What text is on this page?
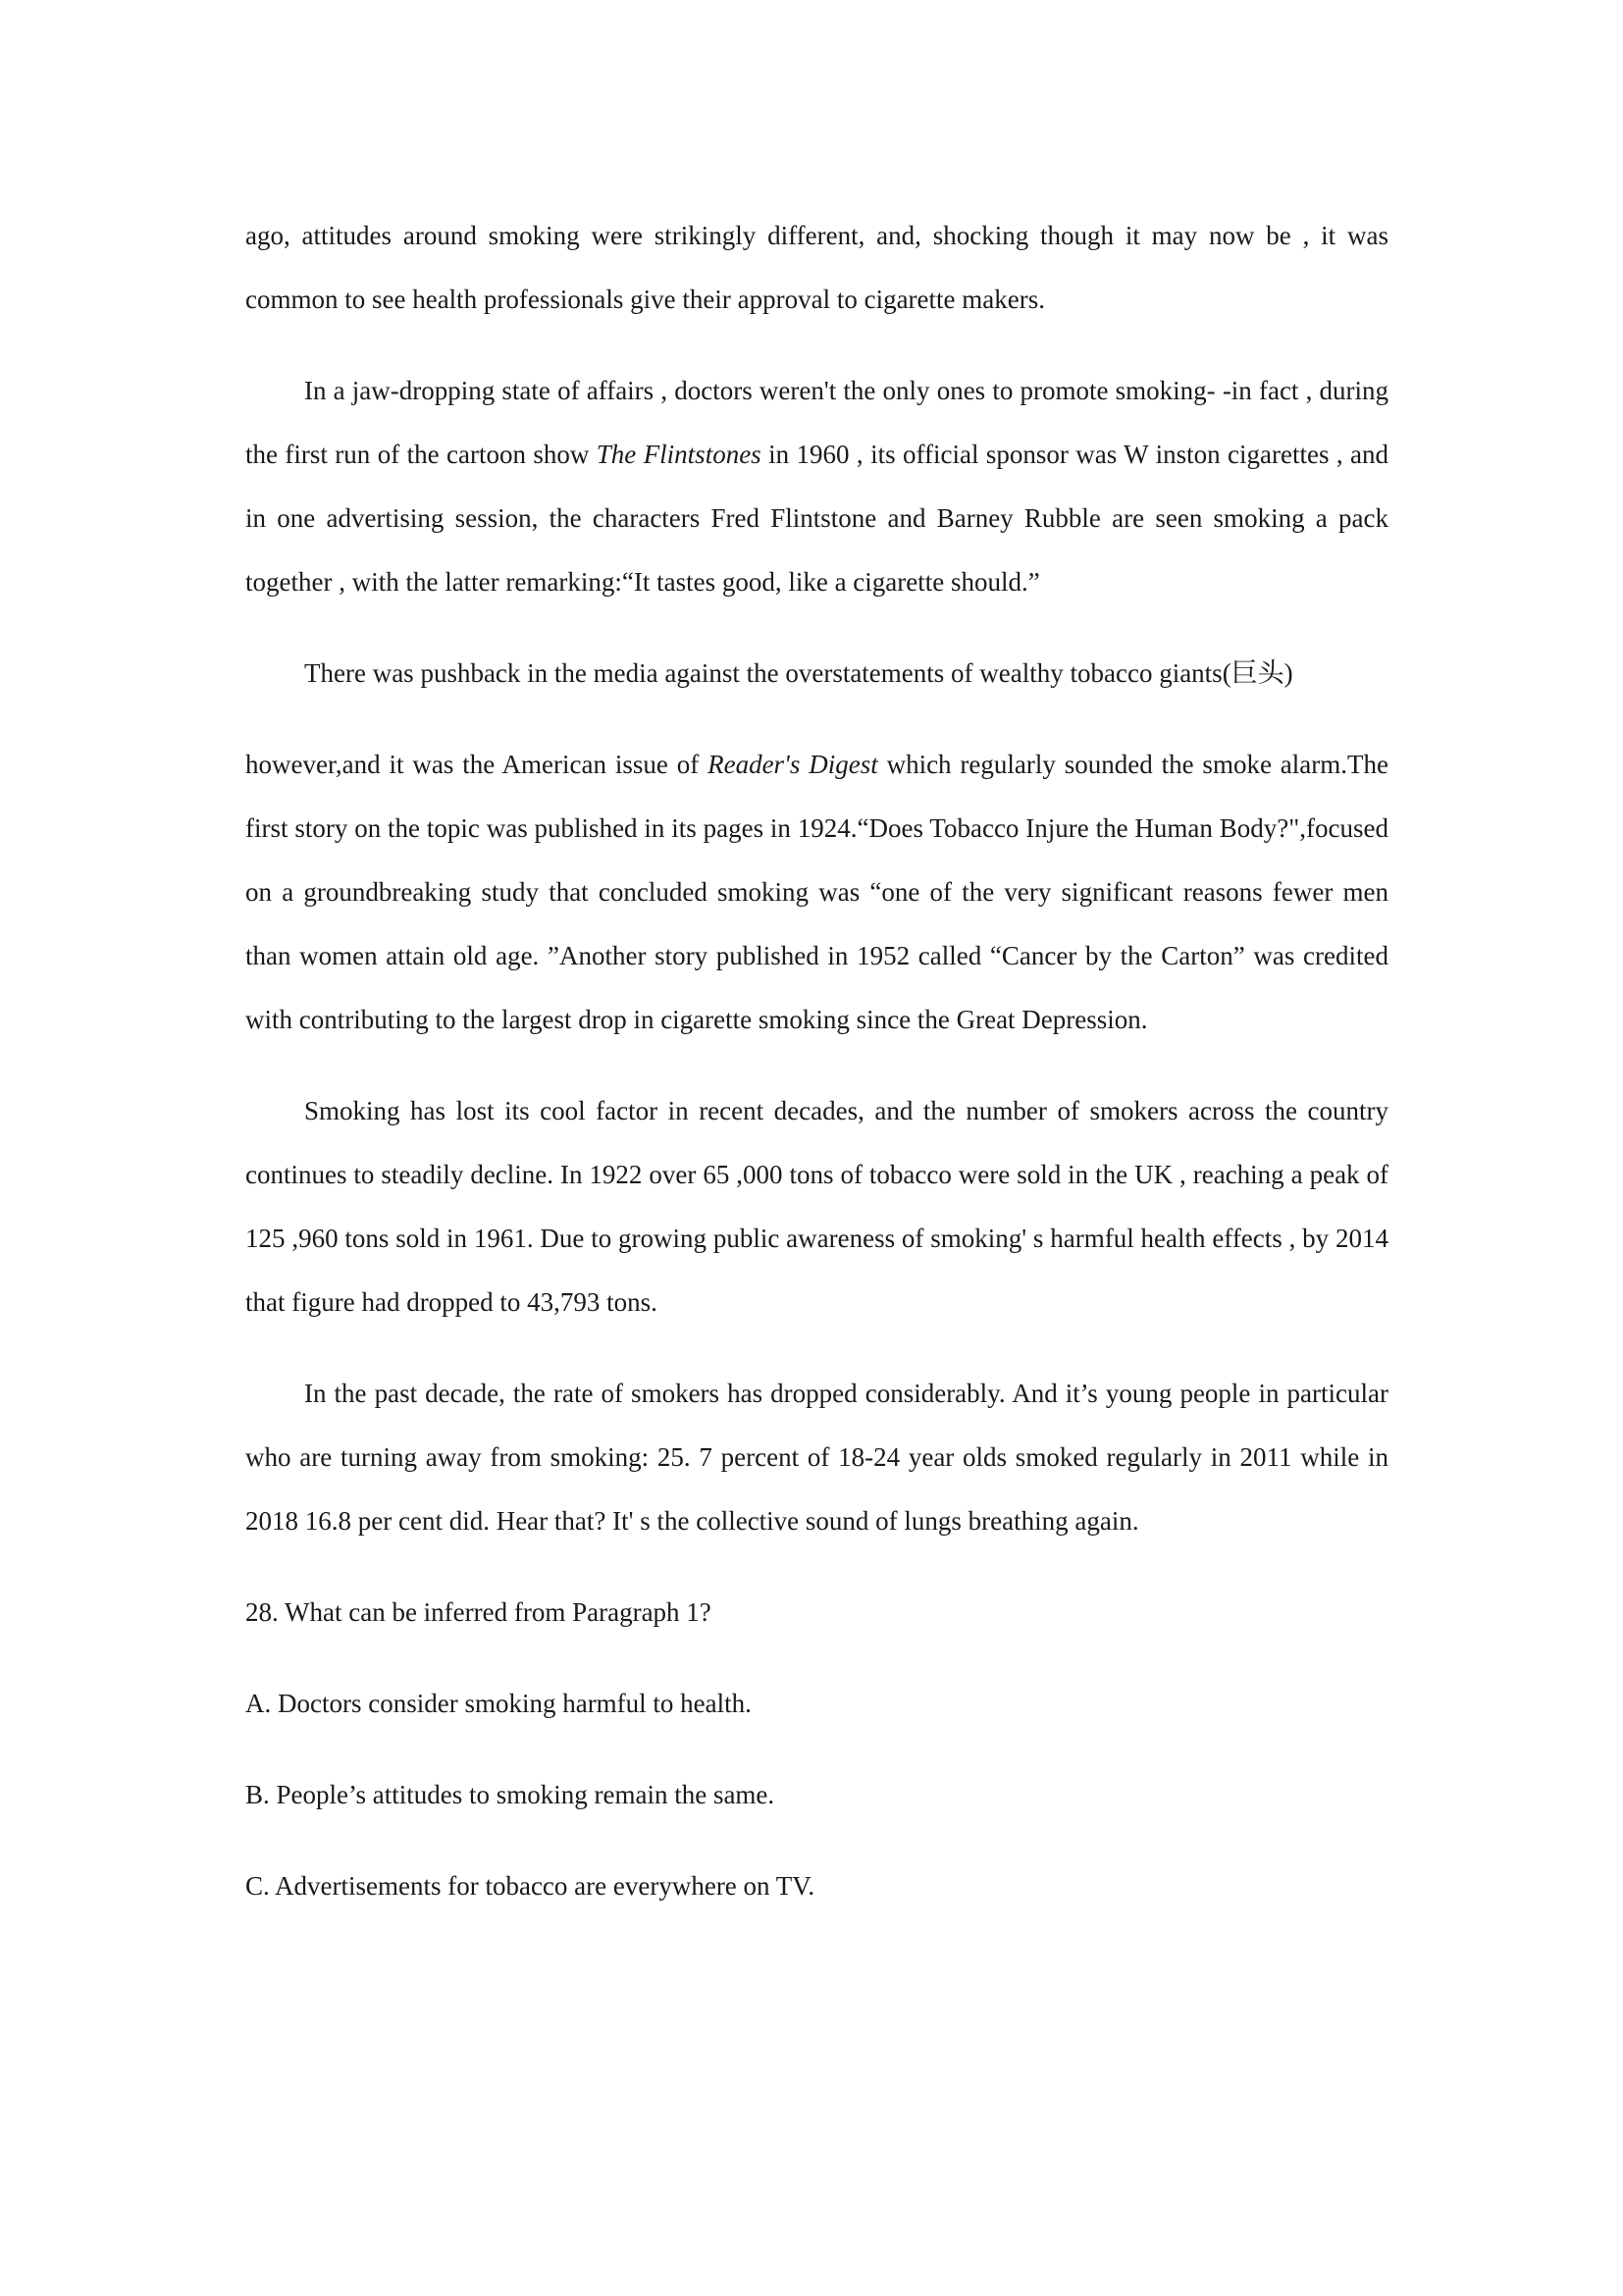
ago, attitudes around smoking were strikingly different, and, shocking though it may now be , it was common to see health professionals give their approval to cigarette makers.

In a jaw-dropping state of affairs , doctors weren't the only ones to promote smoking- -in fact , during the first run of the cartoon show The Flintstones in 1960 , its official sponsor was W inston cigarettes , and in one advertising session, the characters Fred Flintstone and Barney Rubble are seen smoking a pack together , with the latter remarking:“It tastes good, like a cigarette should.”

There was pushback in the media against the overstatements of wealthy tobacco giants(巨头)

however,and it was the American issue of Reader's Digest which regularly sounded the smoke alarm.The first story on the topic was published in its pages in 1924.“Does Tobacco Injure the Human Body?",focused on a groundbreaking study that concluded smoking was “one of the very significant reasons fewer men than women attain old age. ”Another story published in 1952 called “Cancer by the Carton” was credited with contributing to the largest drop in cigarette smoking since the Great Depression.

Smoking has lost its cool factor in recent decades, and the number of smokers across the country continues to steadily decline. In 1922 over 65 ,000 tons of tobacco were sold in the UK , reaching a peak of 125 ,960 tons sold in 1961. Due to growing public awareness of smoking' s harmful health effects , by 2014 that figure had dropped to 43,793 tons.

In the past decade, the rate of smokers has dropped considerably. And it’s young people in particular who are turning away from smoking: 25. 7 percent of 18-24 year olds smoked regularly in 2011 while in 2018 16.8 per cent did. Hear that? It' s the collective sound of lungs breathing again.

28. What can be inferred from Paragraph 1?

A. Doctors consider smoking harmful to health.

B. People’s attitudes to smoking remain the same.

C. Advertisements for tobacco are everywhere on TV.
